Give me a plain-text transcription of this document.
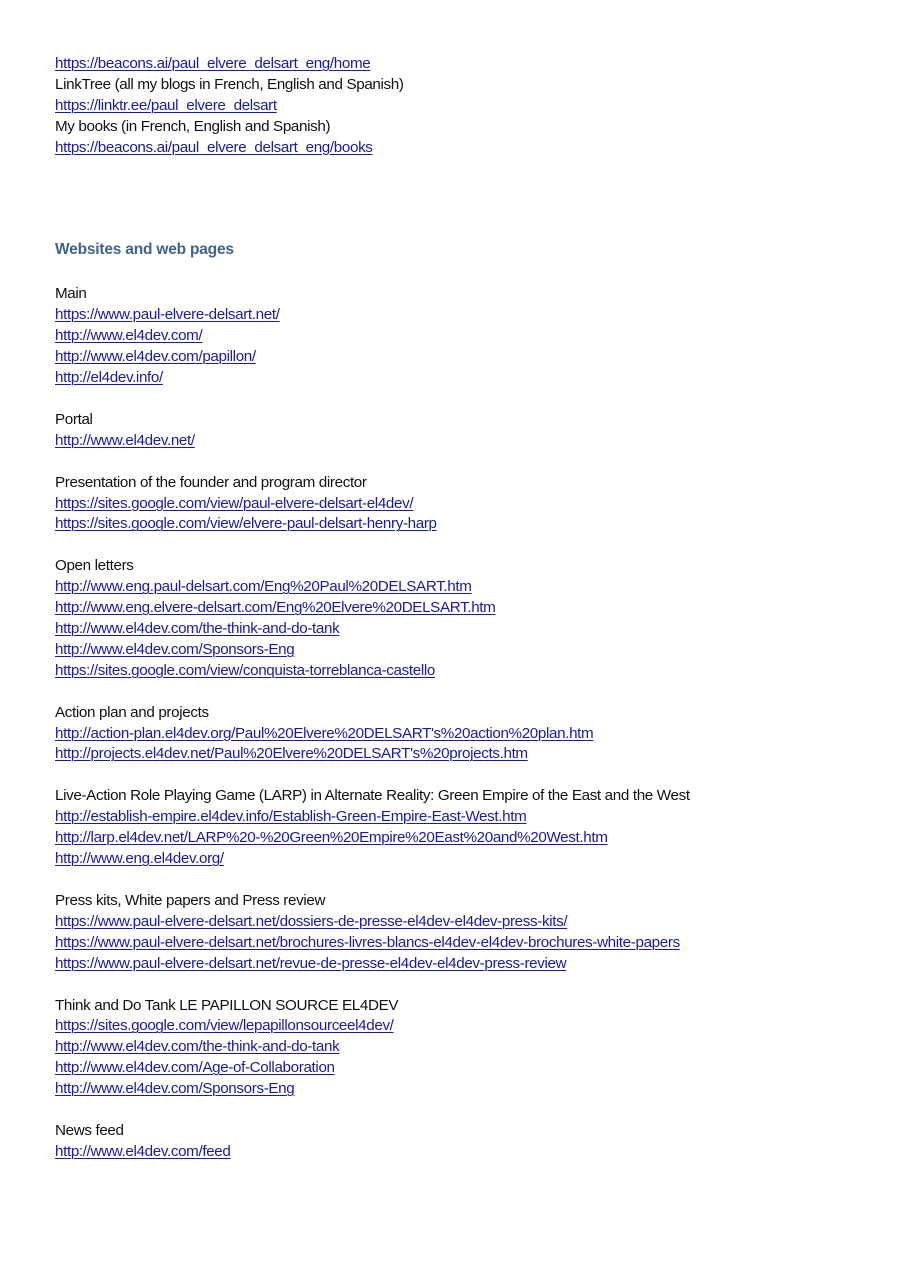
https://beacons.ai/paul_elvere_delsart_eng/home
LinkTree (all my blogs in French, English and Spanish)
https://linktr.ee/paul_elvere_delsart
My books (in French, English and Spanish)
https://beacons.ai/paul_elvere_delsart_eng/books
Websites and web pages
Main
https://www.paul-elvere-delsart.net/
http://www.el4dev.com/
http://www.el4dev.com/papillon/
http://el4dev.info/
Portal
http://www.el4dev.net/
Presentation of the founder and program director
https://sites.google.com/view/paul-elvere-delsart-el4dev/
https://sites.google.com/view/elvere-paul-delsart-henry-harp
Open letters
http://www.eng.paul-delsart.com/Eng%20Paul%20DELSART.htm
http://www.eng.elvere-delsart.com/Eng%20Elvere%20DELSART.htm
http://www.el4dev.com/the-think-and-do-tank
http://www.el4dev.com/Sponsors-Eng
https://sites.google.com/view/conquista-torreblanca-castello
Action plan and projects
http://action-plan.el4dev.org/Paul%20Elvere%20DELSART's%20action%20plan.htm
http://projects.el4dev.net/Paul%20Elvere%20DELSART's%20projects.htm
Live-Action Role Playing Game (LARP) in Alternate Reality: Green Empire of the East and the West
http://establish-empire.el4dev.info/Establish-Green-Empire-East-West.htm
http://larp.el4dev.net/LARP%20-%20Green%20Empire%20East%20and%20West.htm
http://www.eng.el4dev.org/
Press kits, White papers and Press review
https://www.paul-elvere-delsart.net/dossiers-de-presse-el4dev-el4dev-press-kits/
https://www.paul-elvere-delsart.net/brochures-livres-blancs-el4dev-el4dev-brochures-white-papers
https://www.paul-elvere-delsart.net/revue-de-presse-el4dev-el4dev-press-review
Think and Do Tank LE PAPILLON SOURCE EL4DEV
https://sites.google.com/view/lepapillonsourceel4dev/
http://www.el4dev.com/the-think-and-do-tank
http://www.el4dev.com/Age-of-Collaboration
http://www.el4dev.com/Sponsors-Eng
News feed
http://www.el4dev.com/feed
